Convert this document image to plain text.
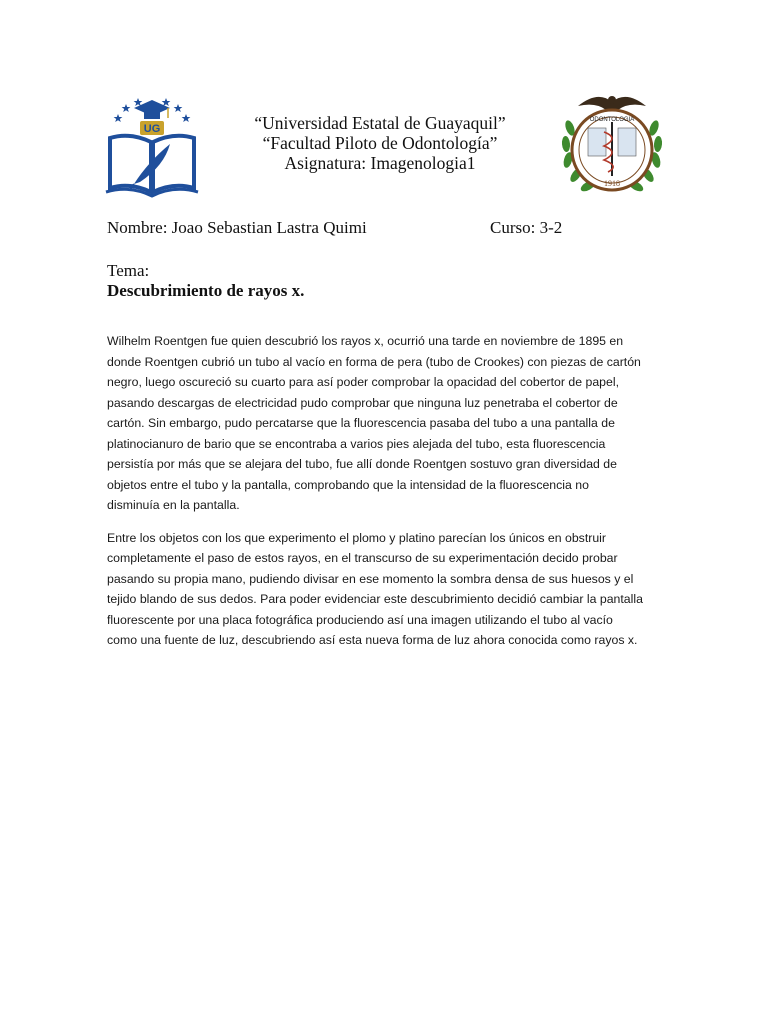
UG	“Universidad Estatal de Guayaquil”
“Facultad Piloto de Odontología”
Asignatura: Imagenologia1
ODONTOLOGIA
1918
Nombre: Joao Sebastian Lastra Quimi	Curso: 3-2
Tema:
Descubrimiento de rayos x.

Wilhelm Roentgen fue quien descubrió los rayos x, ocurrió una tarde en noviembre de 1895 en
donde Roentgen cubrió un tubo al vacío en forma de pera (tubo de Crookes) con piezas de cartón
negro, luego oscureció su cuarto para así poder comprobar la opacidad del cobertor de papel,
pasando descargas de electricidad pudo comprobar que ninguna luz penetraba el cobertor de
cartón. Sin embargo, pudo percatarse que la fluorescencia pasaba del tubo a una pantalla de
platinocianuro de bario que se encontraba a varios pies alejada del tubo, esta fluorescencia
persistía por más que se alejara del tubo, fue allí donde Roentgen sostuvo gran diversidad de
objetos entre el tubo y la pantalla, comprobando que la intensidad de la fluorescencia no
disminuía en la pantalla.

Entre los objetos con los que experimento el plomo y platino parecían los únicos en obstruir
completamente el paso de estos rayos, en el transcurso de su experimentación decido probar
pasando su propia mano, pudiendo divisar en ese momento la sombra densa de sus huesos y el
tejido blando de sus dedos. Para poder evidenciar este descubrimiento decidió cambiar la pantalla
fluorescente por una placa fotográfica produciendo así una imagen utilizando el tubo al vacío
como una fuente de luz, descubriendo así esta nueva forma de luz ahora conocida como rayos x.
